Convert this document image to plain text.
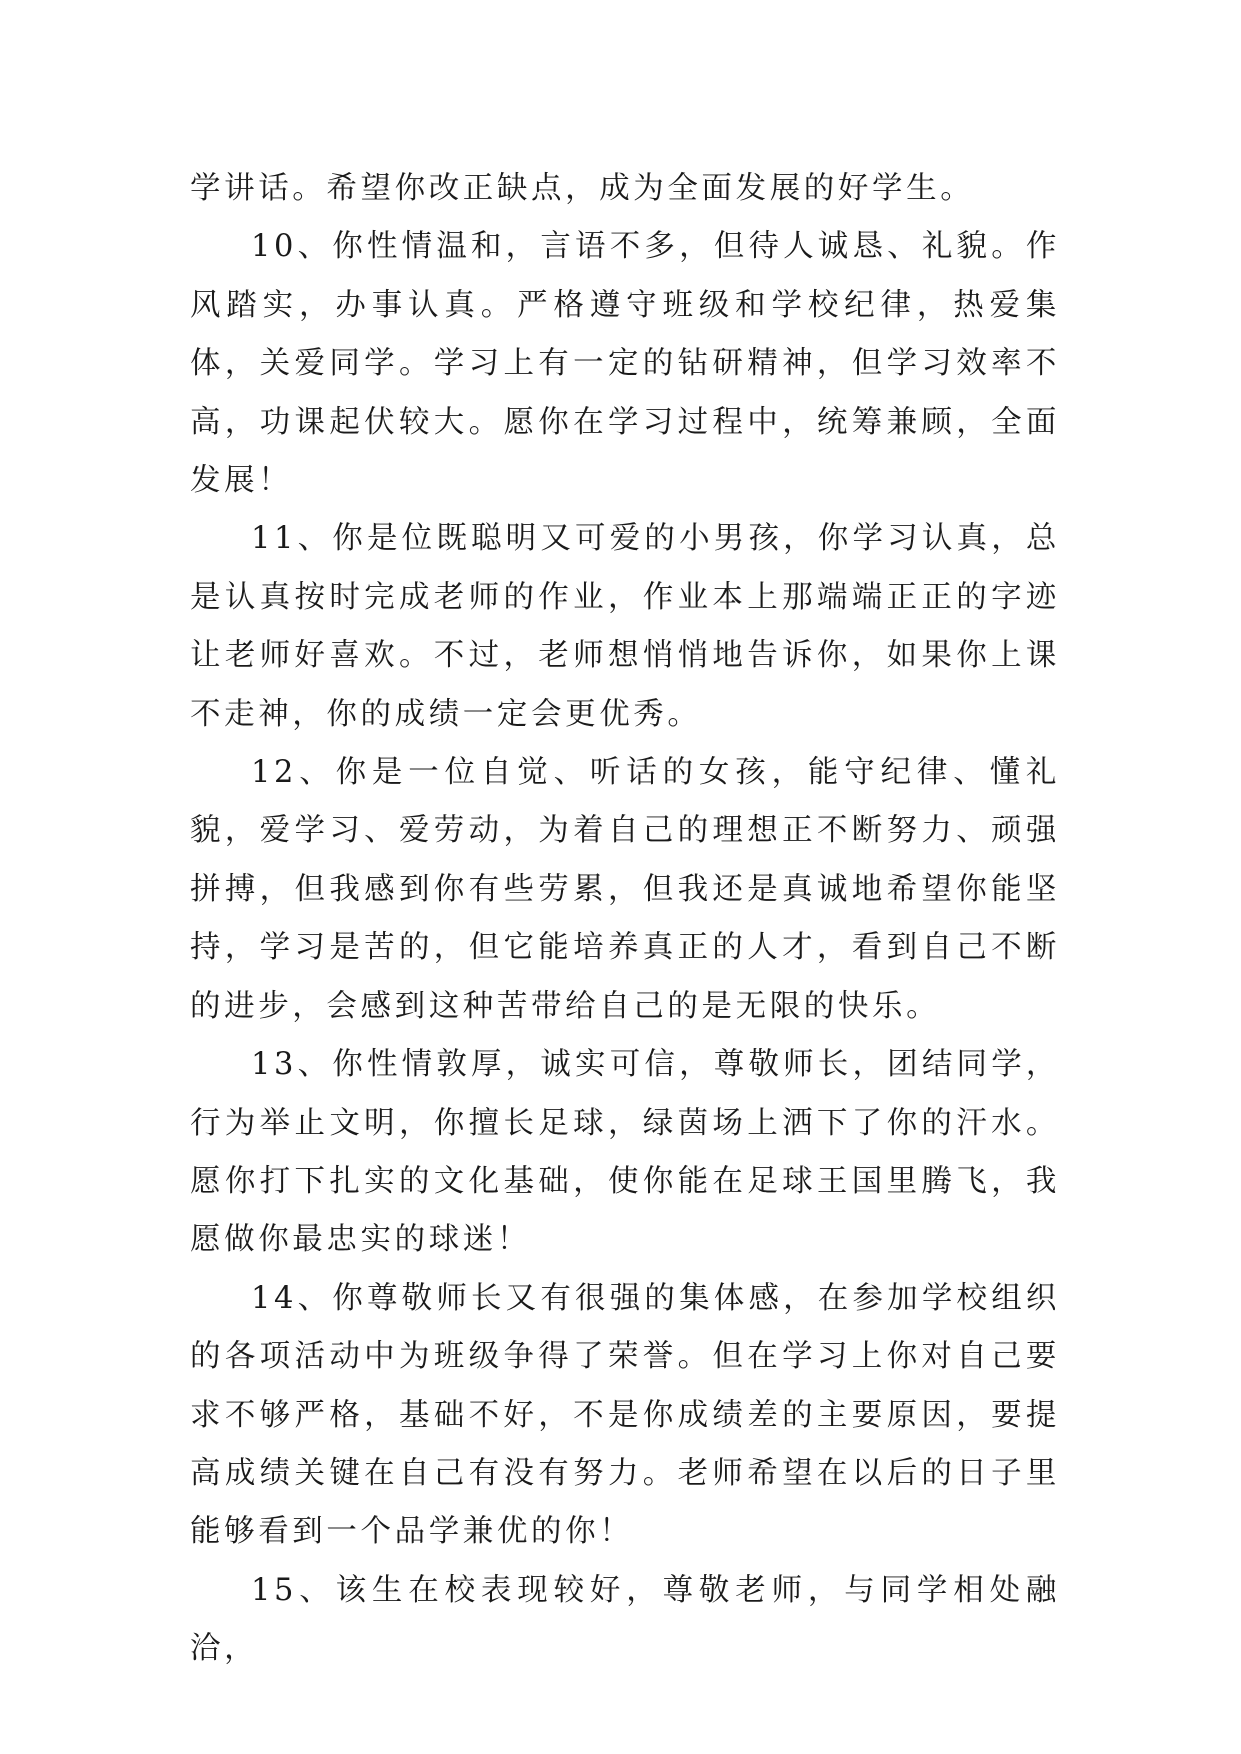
学讲话。希望你改正缺点，成为全面发展的好学生。

10、你性情温和，言语不多，但待人诚恳、礼貌。作风踏实，办事认真。严格遵守班级和学校纪律，热爱集体，关爱同学。学习上有一定的钻研精神，但学习效率不高，功课起伏较大。愿你在学习过程中，统筹兼顾，全面发展！

11、你是位既聪明又可爱的小男孩，你学习认真，总是认真按时完成老师的作业，作业本上那端端正正的字迹让老师好喜欢。不过，老师想悄悄地告诉你，如果你上课不走神，你的成绩一定会更优秀。

12、你是一位自觉、听话的女孩，能守纪律、懂礼貌，爱学习、爱劳动，为着自己的理想正不断努力、顽强拼搏，但我感到你有些劳累，但我还是真诚地希望你能坚持，学习是苦的，但它能培养真正的人才，看到自己不断的进步，会感到这种苦带给自己的是无限的快乐。

13、你性情敦厚，诚实可信，尊敬师长，团结同学，行为举止文明，你擅长足球，绿茵场上洒下了你的汗水。愿你打下扎实的文化基础，使你能在足球王国里腾飞，我愿做你最忠实的球迷！

14、你尊敬师长又有很强的集体感，在参加学校组织的各项活动中为班级争得了荣誉。但在学习上你对自己要求不够严格，基础不好，不是你成绩差的主要原因，要提高成绩关键在自己有没有努力。老师希望在以后的日子里能够看到一个品学兼优的你！

15、该生在校表现较好，尊敬老师，与同学相处融洽，
